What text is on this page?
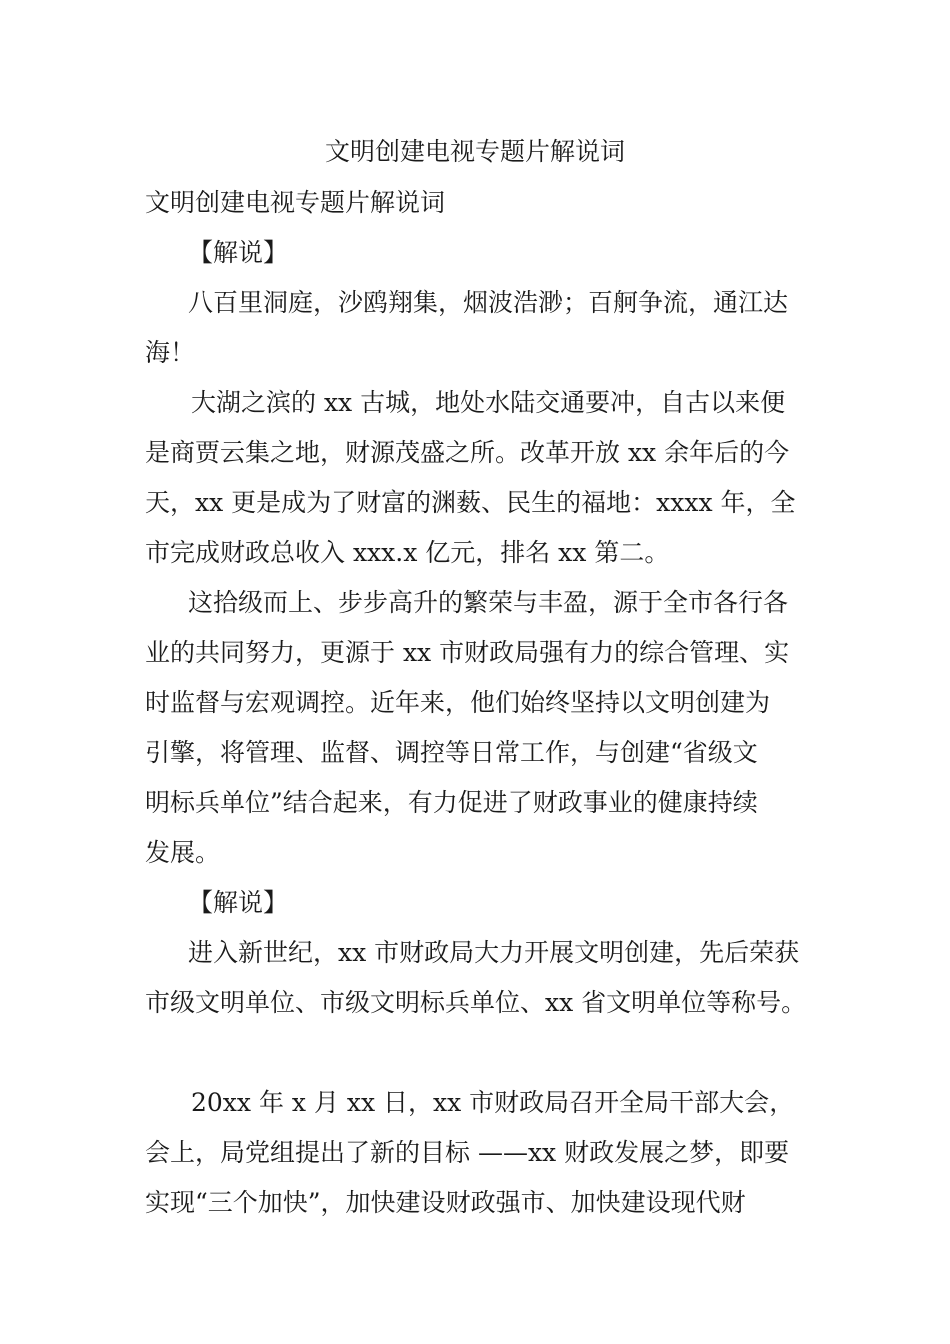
文明创建电视专题片解说词

文明创建电视专题片解说词

【解说】

八百里洞庭，沙鸥翔集，烟波浩渺；百舸争流，通江达

海！

大湖之滨的 xx 古城，地处水陆交通要冲，自古以来便

是商贾云集之地，财源茂盛之所。改革开放 xx 余年后的今

天，xx 更是成为了财富的渊薮、民生的福地：xxxx 年，全

市完成财政总收入 xxx.x 亿元，排名 xx 第二。

这拾级而上、步步高升的繁荣与丰盈，源于全市各行各

业的共同努力，更源于 xx 市财政局强有力的综合管理、实

时监督与宏观调控。近年来，他们始终坚持以文明创建为

引擎，将管理、监督、调控等日常工作，与创建“省级文

明标兵单位”结合起来，有力促进了财政事业的健康持续

发展。

【解说】

进入新世纪，xx 市财政局大力开展文明创建，先后荣获

市级文明单位、市级文明标兵单位、xx 省文明单位等称号。

20xx 年 x 月 xx 日，xx 市财政局召开全局干部大会，

会上，局党组提出了新的目标 ——xx 财政发展之梦，即要

实现“三个加快”，加快建设财政强市、加快建设现代财
